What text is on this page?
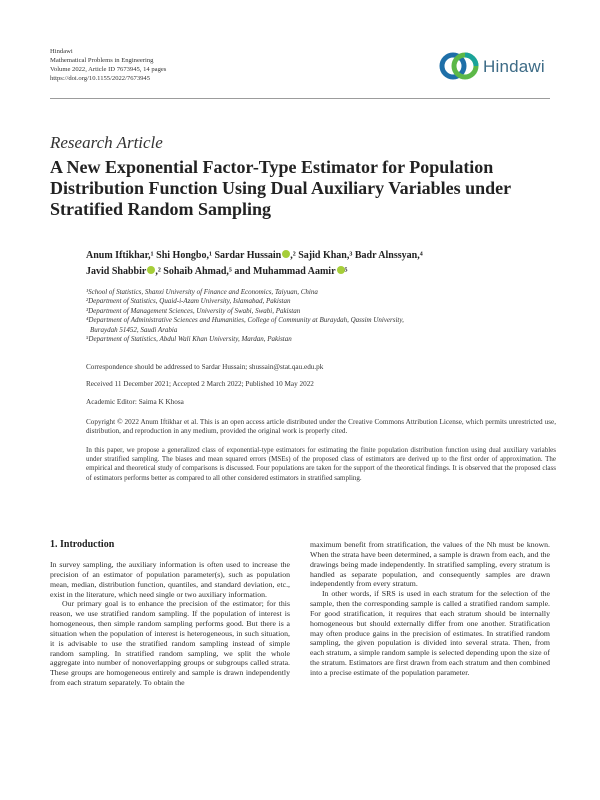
Hindawi
Mathematical Problems in Engineering
Volume 2022, Article ID 7673945, 14 pages
https://doi.org/10.1155/2022/7673945
Hindawi
Research Article
A New Exponential Factor-Type Estimator for Population Distribution Function Using Dual Auxiliary Variables under Stratified Random Sampling
Anum Iftikhar,¹ Shi Hongbo,¹ Sardar Hussain ,² Sajid Khan,³ Badr Alnssyan,⁴
Javid Shabbir ,² Sohaib Ahmad,⁵ and Muhammad Aamir ⁵
¹School of Statistics, Shanxi University of Finance and Economics, Taiyuan, China
²Department of Statistics, Quaid-i-Azam University, Islamabad, Pakistan
³Department of Management Sciences, University of Swabi, Swabi, Pakistan
⁴Department of Administrative Sciences and Humanities, College of Community at Buraydah, Qassim University,
Buraydah 51452, Saudi Arabia
⁵Department of Statistics, Abdul Wali Khan University, Mardan, Pakistan
Correspondence should be addressed to Sardar Hussain; shussain@stat.qau.edu.pk
Received 11 December 2021; Accepted 2 March 2022; Published 10 May 2022
Academic Editor: Saima K Khosa
Copyright © 2022 Anum Iftikhar et al. This is an open access article distributed under the Creative Commons Attribution License, which permits unrestricted use, distribution, and reproduction in any medium, provided the original work is properly cited.
In this paper, we propose a generalized class of exponential-type estimators for estimating the finite population distribution function using dual auxiliary variables under stratified sampling. The biases and mean squared errors (MSEs) of the proposed class of estimators are derived up to the first order of approximation. The empirical and theoretical study of comparisons is discussed. Four populations are taken for the support of the theoretical findings. It is observed that the proposed class of estimators performs better as compared to all other considered estimators in stratified sampling.
1. Introduction

In survey sampling, the auxiliary information is often used to increase the precision of an estimator of population parameter(s), such as population mean, median, distribution function, quantiles, and standard deviation, etc., exist in the literature, which need single or two auxiliary information.

Our primary goal is to enhance the precision of the estimator; for this reason, we use stratified random sampling. If the population of interest is homogeneous, then simple random sampling performs good. But there is a situation when the population of interest is heterogeneous, in such situation, it is advisable to use the stratified random sampling instead of simple random sampling. In stratified random sampling, we split the whole aggregate into number of nonoverlapping groups or subgroups called strata. These groups are homogeneous entirely and sample is drawn independently from each stratum separately. To obtain the

maximum benefit from stratification, the values of the Nh must be known. When the strata have been determined, a sample is drawn from each, and the drawings being made independently. In stratified sampling, every stratum is handled as separate population, and consequently samples are drawn independently from every stratum.

In other words, if SRS is used in each stratum for the selection of the sample, then the corresponding sample is called a stratified random sample. For good stratification, it requires that each stratum should be internally homogeneous but should externally differ from one another. Stratification may often produce gains in the precision of estimates. In stratified random sampling, the given population is divided into several strata. Then, from each stratum, a simple random sample is selected depending upon the size of the stratum. Estimators are first drawn from each stratum and then combined into a precise estimate of the population parameter.
